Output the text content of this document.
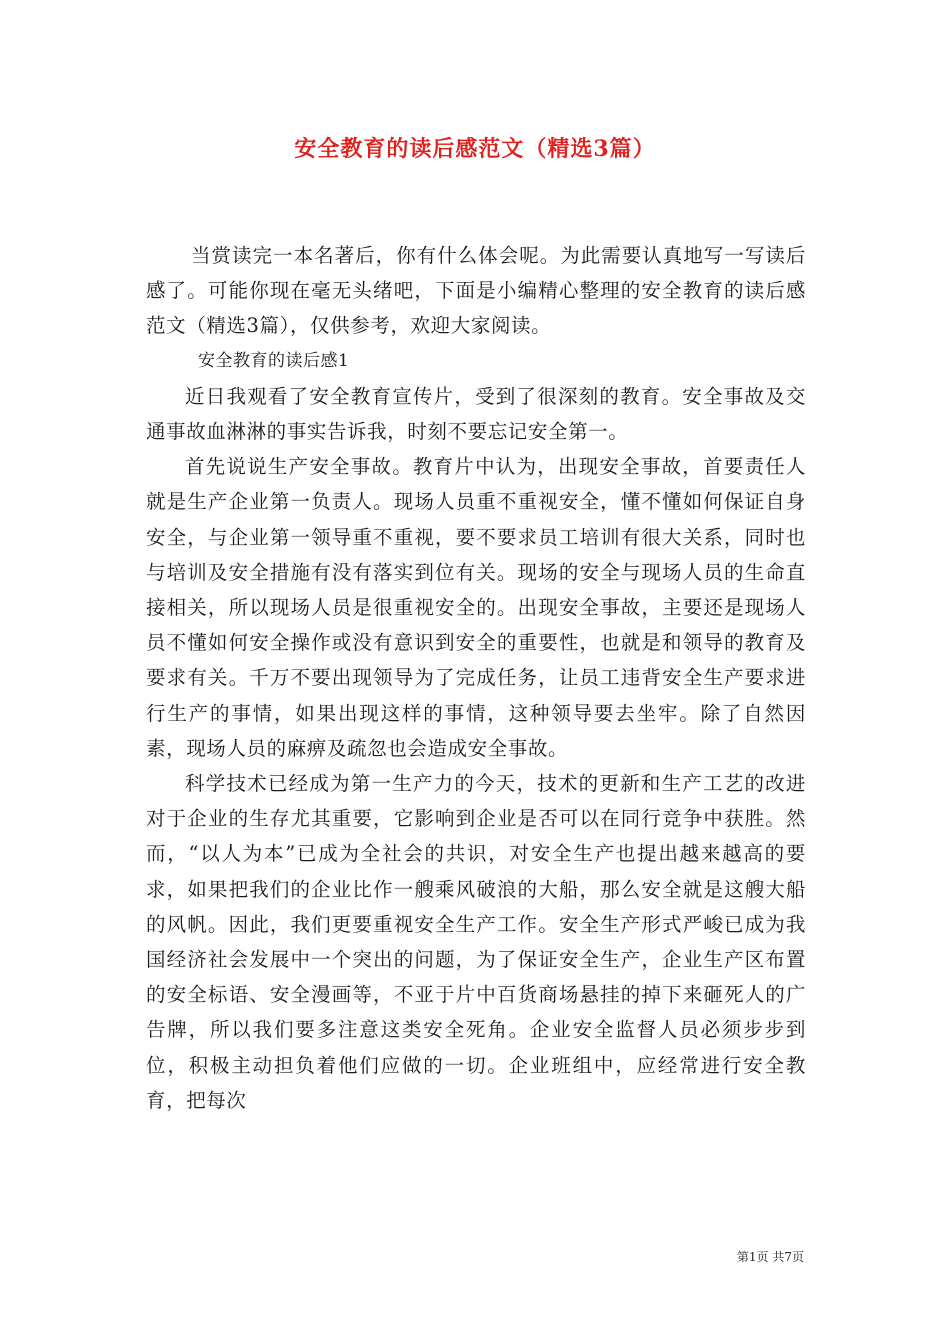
安全教育的读后感范文（精选3篇）

当赏读完一本名著后，你有什么体会呢。为此需要认真地写一写读后感了。可能你现在毫无头绪吧，下面是小编精心整理的安全教育的读后感范文（精选3篇），仅供参考，欢迎大家阅读。

安全教育的读后感1

近日我观看了安全教育宣传片，受到了很深刻的教育。安全事故及交通事故血淋淋的事实告诉我，时刻不要忘记安全第一。

首先说说生产安全事故。教育片中认为，出现安全事故，首要责任人就是生产企业第一负责人。现场人员重不重视安全，懂不懂如何保证自身安全，与企业第一领导重不重视，要不要求员工培训有很大关系，同时也与培训及安全措施有没有落实到位有关。现场的安全与现场人员的生命直接相关，所以现场人员是很重视安全的。出现安全事故，主要还是现场人员不懂如何安全操作或没有意识到安全的重要性，也就是和领导的教育及要求有关。千万不要出现领导为了完成任务，让员工违背安全生产要求进行生产的事情，如果出现这样的事情，这种领导要去坐牢。除了自然因素，现场人员的麻痹及疏忽也会造成安全事故。

科学技术已经成为第一生产力的今天，技术的更新和生产工艺的改进对于企业的生存尤其重要，它影响到企业是否可以在同行竞争中获胜。然而，“以人为本”已成为全社会的共识，对安全生产也提出越来越高的要求，如果把我们的企业比作一艘乘风破浪的大船，那么安全就是这艘大船的风帆。因此，我们更要重视安全生产工作。安全生产形式严峻已成为我国经济社会发展中一个突出的问题，为了保证安全生产，企业生产区布置的安全标语、安全漫画等，不亚于片中百货商场悬挂的掉下来砸死人的广告牌，所以我们要多注意这类安全死角。企业安全监督人员必须步步到位，积极主动担负着他们应做的一切。企业班组中，应经常进行安全教育，把每次

第1页 共7页
